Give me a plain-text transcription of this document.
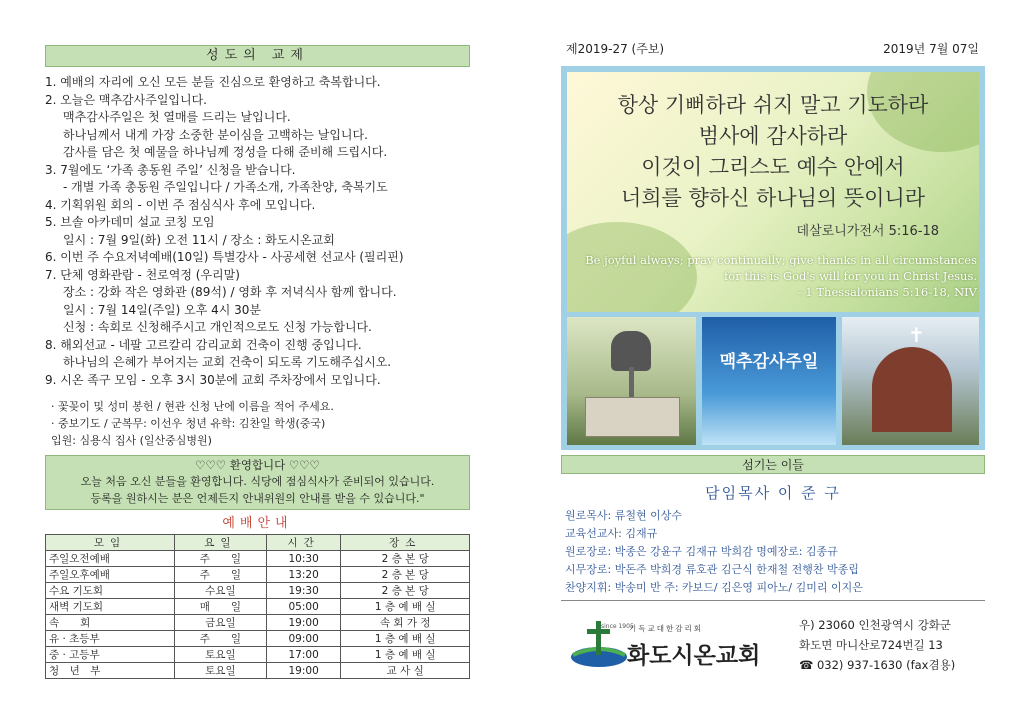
성도의 교제
1. 예배의 자리에 오신 모든 분들 진심으로 환영하고 축복합니다.
2. 오늘은 맥추감사주일입니다.
맥추감사주일은 첫 열매를 드리는 날입니다.
하나님께서 내게 가장 소중한 분이심을 고백하는 날입니다.
감사를 담은 첫 예물을 하나님께 정성을 다해 준비해 드립시다.
3. 7월에도 ‘가족 총동원 주일’ 신청을 받습니다.
- 개별 가족 총동원 주일입니다 / 가족소개, 가족찬양, 축복기도
4. 기획위원 회의 - 이번 주 점심식사 후에 모입니다.
5. 브솔 아카데미 설교 코칭 모임
일시 : 7월 9일(화) 오전 11시 / 장소 : 화도시온교회
6. 이번 주 수요저녁예배(10일) 특별강사 - 사공세현 선교사 (필리핀)
7. 단체 영화관람 - 천로역정 (우리말)
장소 : 강화 작은 영화관 (89석) / 영화 후 저녁식사 함께 합니다.
일시 : 7월 14일(주일) 오후 4시 30분
신청 : 속회로 신청해주시고 개인적으로도 신청 가능합니다.
8. 해외선교 - 네팔 고르칼리 감리교회 건축이 진행 중입니다.
하나님의 은혜가 부어지는 교회 건축이 되도록 기도해주십시오.
9. 시온 족구 모임 - 오후 3시 30분에 교회 주차장에서 모입니다.
· 꽃꽂이 및 성미 봉헌 / 현관 신청 난에 이름을 적어 주세요.
· 중보기도 / 군복무: 이선우 청년 유학: 김찬일 학생(중국)
입원: 심용식 집사 (일산중심병원)
♡♡♡ 환영합니다 ♡♡♡
오늘 처음 오신 분들을 환영합니다. 식당에 점심식사가 준비되어 있습니다.
등록을 원하시는 분은 언제든지 안내위원의 안내를 받을 수 있습니다."
예배안내
모임	요일	시간	장소
주일오전예배	주　　일	10:30	2 층 본 당
주일오후예배	주　　일	13:20	2 층 본 당
수요 기도회	수요일	19:30	2 층 본 당
새벽 기도회	매　　일	05:00	1 층 예 배 실
속　　회	금요일	19:00	속 회 가 정
유 · 초등부	주　　일	09:00	1 층 예 배 실
중 · 고등부	토요일	17:00	1 층 예 배 실
청　년　부	토요일	19:00	교 사 실
제2019-27 (주보)	2019년 7월 07일
항상 기뻐하라 쉬지 말고 기도하라
범사에 감사하라
이것이 그리스도 예수 안에서
너희를 향하신 하나님의 뜻이니라
데살로니가전서 5:16-18
Be joyful always; pray continually; give thanks in all circumstances
for this is God's will for you in Christ Jesus.
- 1 Thessalonians 5:16-18, NIV
맥추감사주일
✝
섬기는 이들
담임목사 이 준 구
원로목사: 류철현 이상수
교육선교사: 김재규
원로장로: 박종은 강윤구 김재규 박희감 명예장로: 김종규
시무장로: 박돈주 박희경 류호관 김근식 한재철 전행찬 박종립
찬양지휘: 박송미 반 주: 카보드/ 김은영 피아노/ 김미리 이지은
since 1905
기독교대한감리회
화도시온교회
우) 23060 인천광역시 강화군
화도면 마니산로724번길 13
☎ 032) 937-1630 (fax겸용)
